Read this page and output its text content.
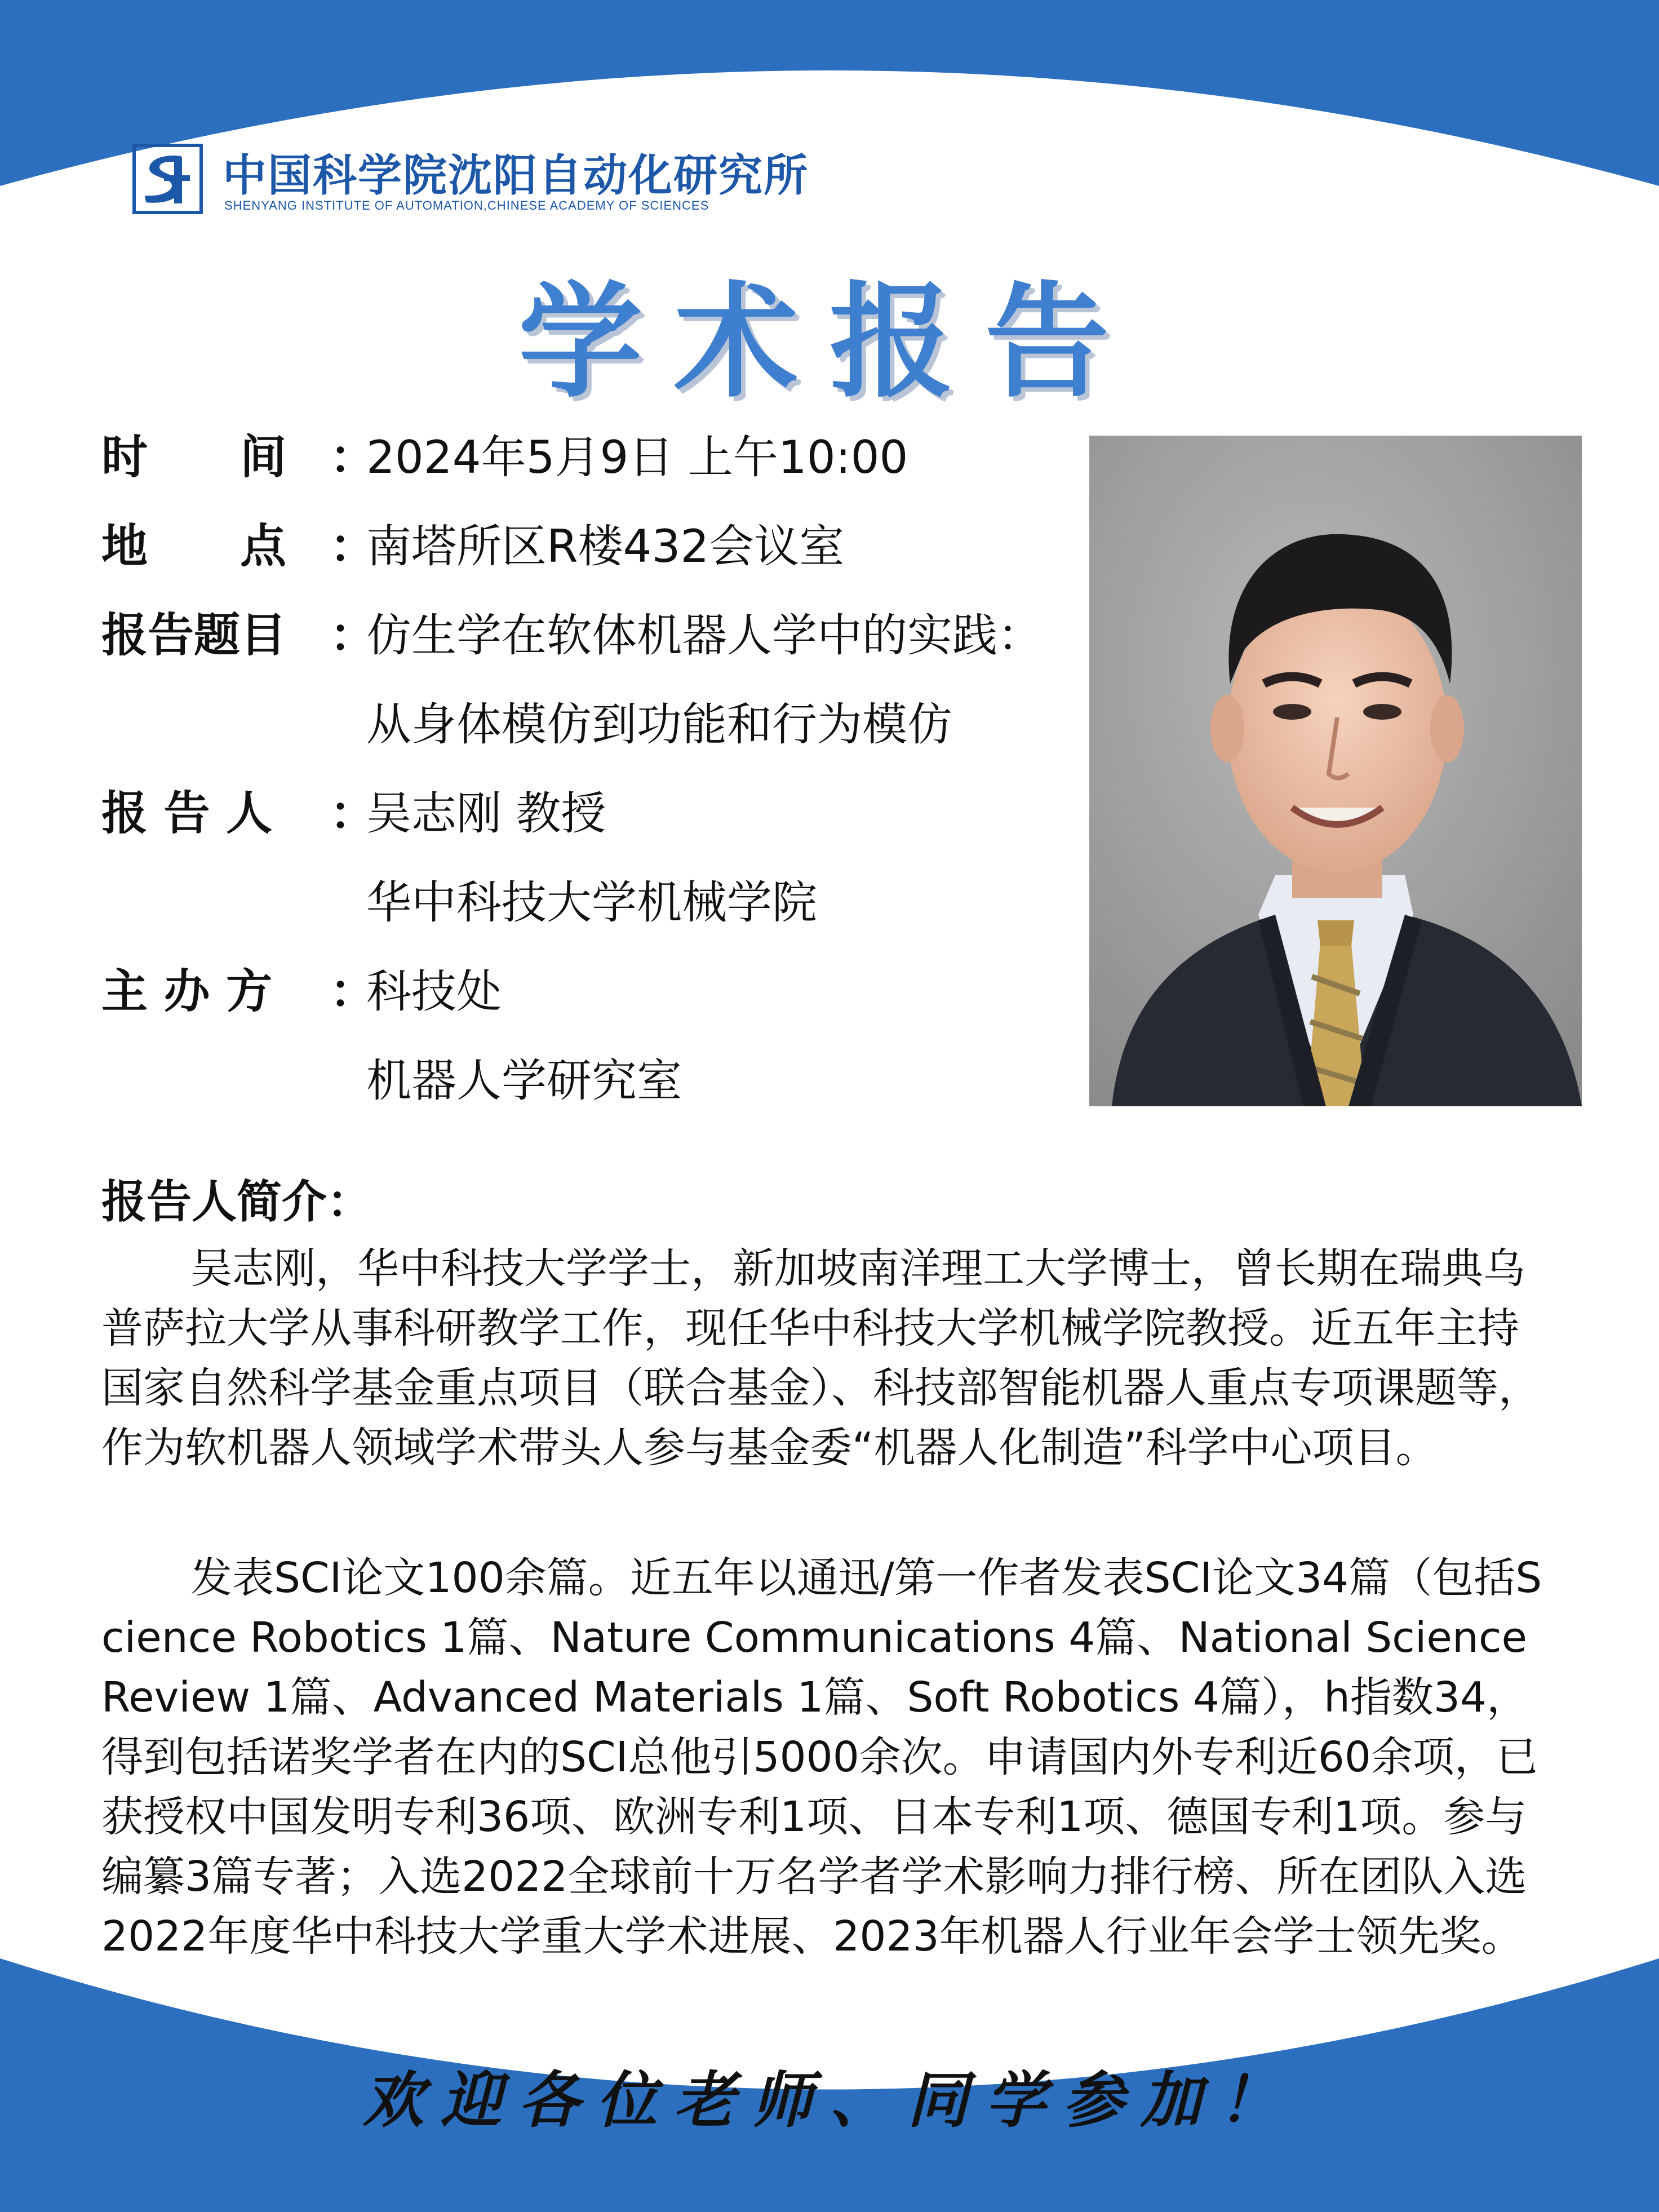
中国科学院沈阳自动化研究所
SHENYANG INSTITUTE OF AUTOMATION,CHINESE ACADEMY OF SCIENCES
学术报告
时　　间 ：
2024年5月9日 上午10:00
地　　点 ：
南塔所区R楼432会议室
报告题目 ：
仿生学在软体机器人学中的实践：
从身体模仿到功能和行为模仿
报 告 人	：
吴志刚 教授
华中科技大学机械学院
主 办 方	：
科技处
机器人学研究室
报告人简介：

吴志刚，华中科技大学学士，新加坡南洋理工大学博士，曾长期在瑞典乌普萨拉大学从事科研教学工作，现任华中科技大学机械学院教授。近五年主持国家自然科学基金重点项目（联合基金）、科技部智能机器人重点专项课题等，作为软机器人领域学术带头人参与基金委“机器人化制造”科学中心项目。

发表SCI论文100余篇。近五年以通迅/第一作者发表SCI论文34篇（包括Science Robotics 1篇、Nature Communications 4篇、National Science Review 1篇、Advanced Materials 1篇、Soft Robotics 4篇），h指数34，得到包括诺奖学者在内的SCI总他引5000余次。申请国内外专利近60余项，已获授权中国发明专利36项、欧洲专利1项、日本专利1项、德国专利1项。参与编纂3篇专著；入选2022全球前十万名学者学术影响力排行榜、所在团队入选2022年度华中科技大学重大学术进展、2023年机器人行业年会学士领先奖。

欢迎各位老师、同学参加！
